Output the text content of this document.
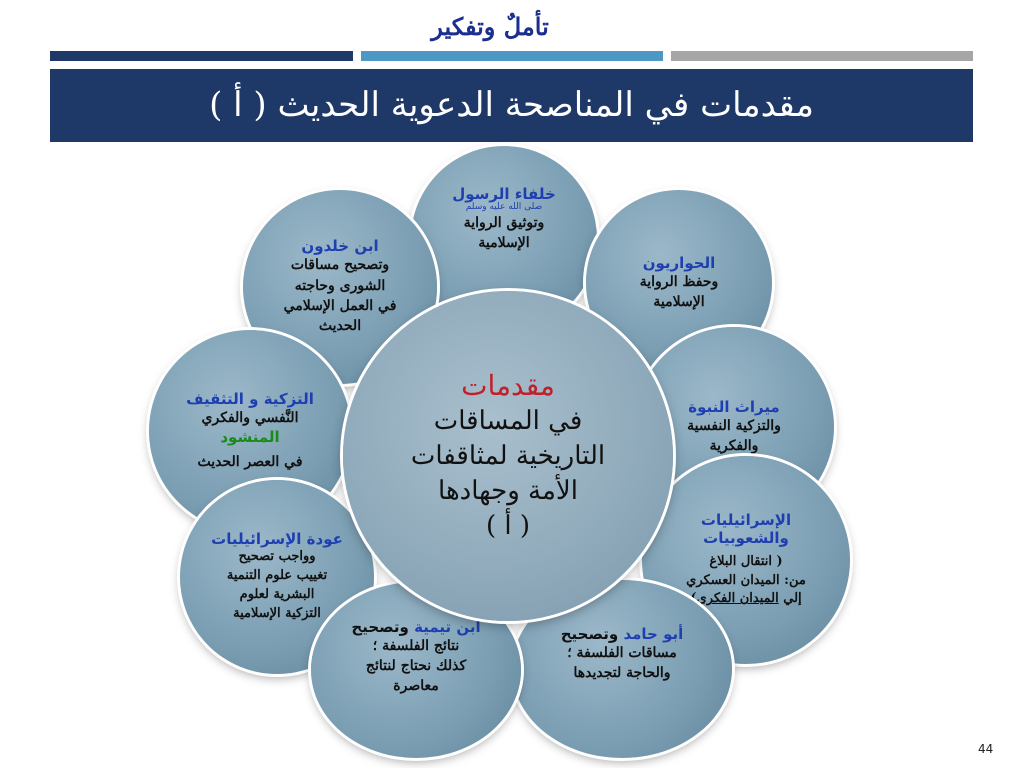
تأملٌ وتفكير
مقدمات في المناصحة الدعوية الحديث ( أ )
خلفاء الرسول
صلى الله عليه وسلم
وتوثيق الرواية
الإسلامية
الحواريون
وحفظ الرواية
الإسلامية
ابن خلدون
وتصحيح مساقات
الشورى وحاجته
في العمل الإسلامي
الحديث
ميراث النبوة
والتزكية النفسية
والفكرية
التزكية و التثقيف
النَّفسي والفكري
المنشود
في العصر الحديث
الإسرائيليات والشعوبيات
( انتقال البلاغ
من: الميدان العسكري
إلي الميدان الفكري)
عودة الإسرائيليات
وواجب تصحيح
تغييب علوم التنمية
البشرية لعلوم
التزكية الإسلامية
أبو حامد وتصحيح
مساقات الفلسفة ؛
والحاجة لتجديدها
ابن تيمية وتصحيح
نتائج الفلسفة ؛
كذلك نحتاج لنتائج
معاصرة
مقدمات
في المساقات
التاريخية لمثاقفات
الأمة وجهادها
( أ )
44
